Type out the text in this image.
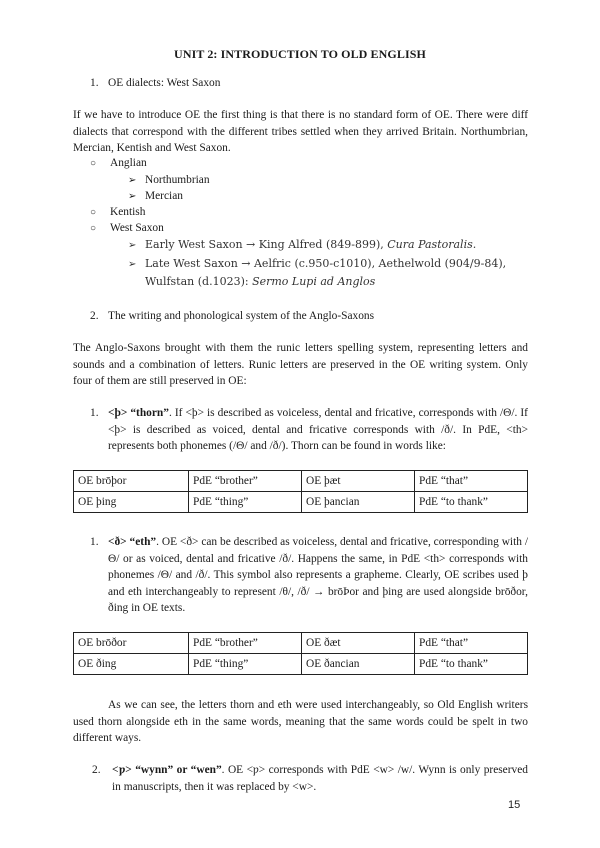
UNIT 2: INTRODUCTION TO OLD ENGLISH
1. OE dialects: West Saxon
If we have to introduce OE the first thing is that there is no standard form of OE. There were diff dialects that correspond with the different tribes settled when they arrived Britain. Northumbrian, Mercian, Kentish and West Saxon.
○ Anglian
➢ Northumbrian
➢ Mercian
○ Kentish
○ West Saxon
➢ Early West Saxon → King Alfred (849-899), Cura Pastoralis.
➢ Late West Saxon → Aelfric (c.950-c1010), Aethelwold (904/9-84),
Wulfstan (d.1023): Sermo Lupi ad Anglos
2. The writing and phonological system of the Anglo-Saxons
The Anglo-Saxons brought with them the runic letters spelling system, representing letters and sounds and a combination of letters. Runic letters are preserved in the OE writing system. Only four of them are still preserved in OE:
1. <þ> “thorn”. If <þ> is described as voiceless, dental and fricative, corresponds with /Θ/. If <þ> is described as voiced, dental and fricative corresponds with /ð/. In PdE, <th> represents both phonemes (/Θ/ and /ð/). Thorn can be found in words like:
OE brōþor	PdE “brother”	OE þæt	PdE “that”
OE þing	PdE “thing”	OE þancian	PdE “to thank”
1. <ð> “eth”. OE <ð> can be described as voiceless, dental and fricative, corresponding with /Θ/ or as voiced, dental and fricative /ð/. Happens the same, in PdE <th> corresponds with phonemes /Θ/ and /ð/. This symbol also represents a grapheme. Clearly, OE scribes used þ and eth interchangeably to represent /θ/, /ð/ → brōÞor and þing are used alongside brōðor, ðing in OE texts.
OE brōðor	PdE “brother”	OE ðæt	PdE “that”
OE ðing	PdE “thing”	OE ðancian	PdE “to thank”
As we can see, the letters thorn and eth were used interchangeably, so Old English writers used thorn alongside eth in the same words, meaning that the same words could be spelt in two different ways.
2. <ƿ> “wynn” or “wen”. OE <ƿ> corresponds with PdE <w> /w/. Wynn is only preserved in manuscripts, then it was replaced by <w>.
15
